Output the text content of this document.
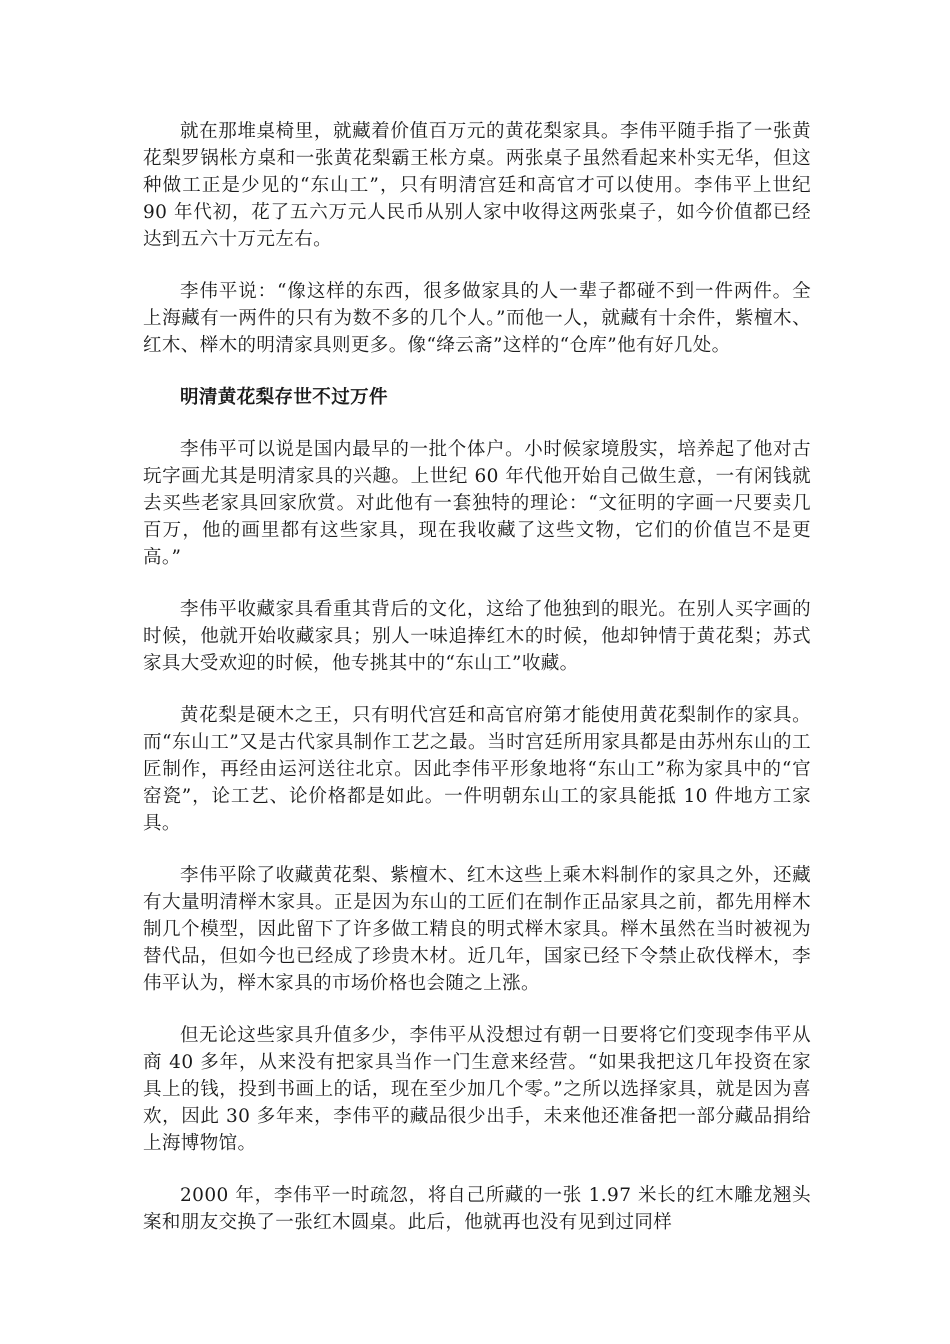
就在那堆桌椅里，就藏着价值百万元的黄花梨家具。李伟平随手指了一张黄花梨罗锅枨方桌和一张黄花梨霸王枨方桌。两张桌子虽然看起来朴实无华，但这种做工正是少见的“东山工”，只有明清宫廷和高官才可以使用。李伟平上世纪 90 年代初，花了五六万元人民币从别人家中收得这两张桌子，如今价值都已经达到五六十万元左右。

李伟平说：“像这样的东西，很多做家具的人一辈子都碰不到一件两件。全上海藏有一两件的只有为数不多的几个人。”而他一人，就藏有十余件，紫檀木、红木、榉木的明清家具则更多。像“绛云斋”这样的“仓库”他有好几处。

明清黄花梨存世不过万件

李伟平可以说是国内最早的一批个体户。小时候家境殷实，培养起了他对古玩字画尤其是明清家具的兴趣。上世纪 60 年代他开始自己做生意，一有闲钱就去买些老家具回家欣赏。对此他有一套独特的理论：“文征明的字画一尺要卖几百万，他的画里都有这些家具，现在我收藏了这些文物，它们的价值岂不是更高。”

李伟平收藏家具看重其背后的文化，这给了他独到的眼光。在别人买字画的时候，他就开始收藏家具；别人一味追捧红木的时候，他却钟情于黄花梨；苏式家具大受欢迎的时候，他专挑其中的“东山工”收藏。

黄花梨是硬木之王，只有明代宫廷和高官府第才能使用黄花梨制作的家具。而“东山工”又是古代家具制作工艺之最。当时宫廷所用家具都是由苏州东山的工匠制作，再经由运河送往北京。因此李伟平形象地将“东山工”称为家具中的“官窑瓷”，论工艺、论价格都是如此。一件明朝东山工的家具能抵 10 件地方工家具。

李伟平除了收藏黄花梨、紫檀木、红木这些上乘木料制作的家具之外，还藏有大量明清榉木家具。正是因为东山的工匠们在制作正品家具之前，都先用榉木制几个模型，因此留下了许多做工精良的明式榉木家具。榉木虽然在当时被视为替代品，但如今也已经成了珍贵木材。近几年，国家已经下令禁止砍伐榉木，李伟平认为，榉木家具的市场价格也会随之上涨。

但无论这些家具升值多少，李伟平从没想过有朝一日要将它们变现李伟平从商 40 多年，从来没有把家具当作一门生意来经营。“如果我把这几年投资在家具上的钱，投到书画上的话，现在至少加几个零。”之所以选择家具，就是因为喜欢，因此 30 多年来，李伟平的藏品很少出手，未来他还准备把一部分藏品捐给上海博物馆。

2000 年，李伟平一时疏忽，将自己所藏的一张 1.97 米长的红木雕龙翘头案和朋友交换了一张红木圆桌。此后，他就再也没有见到过同样
